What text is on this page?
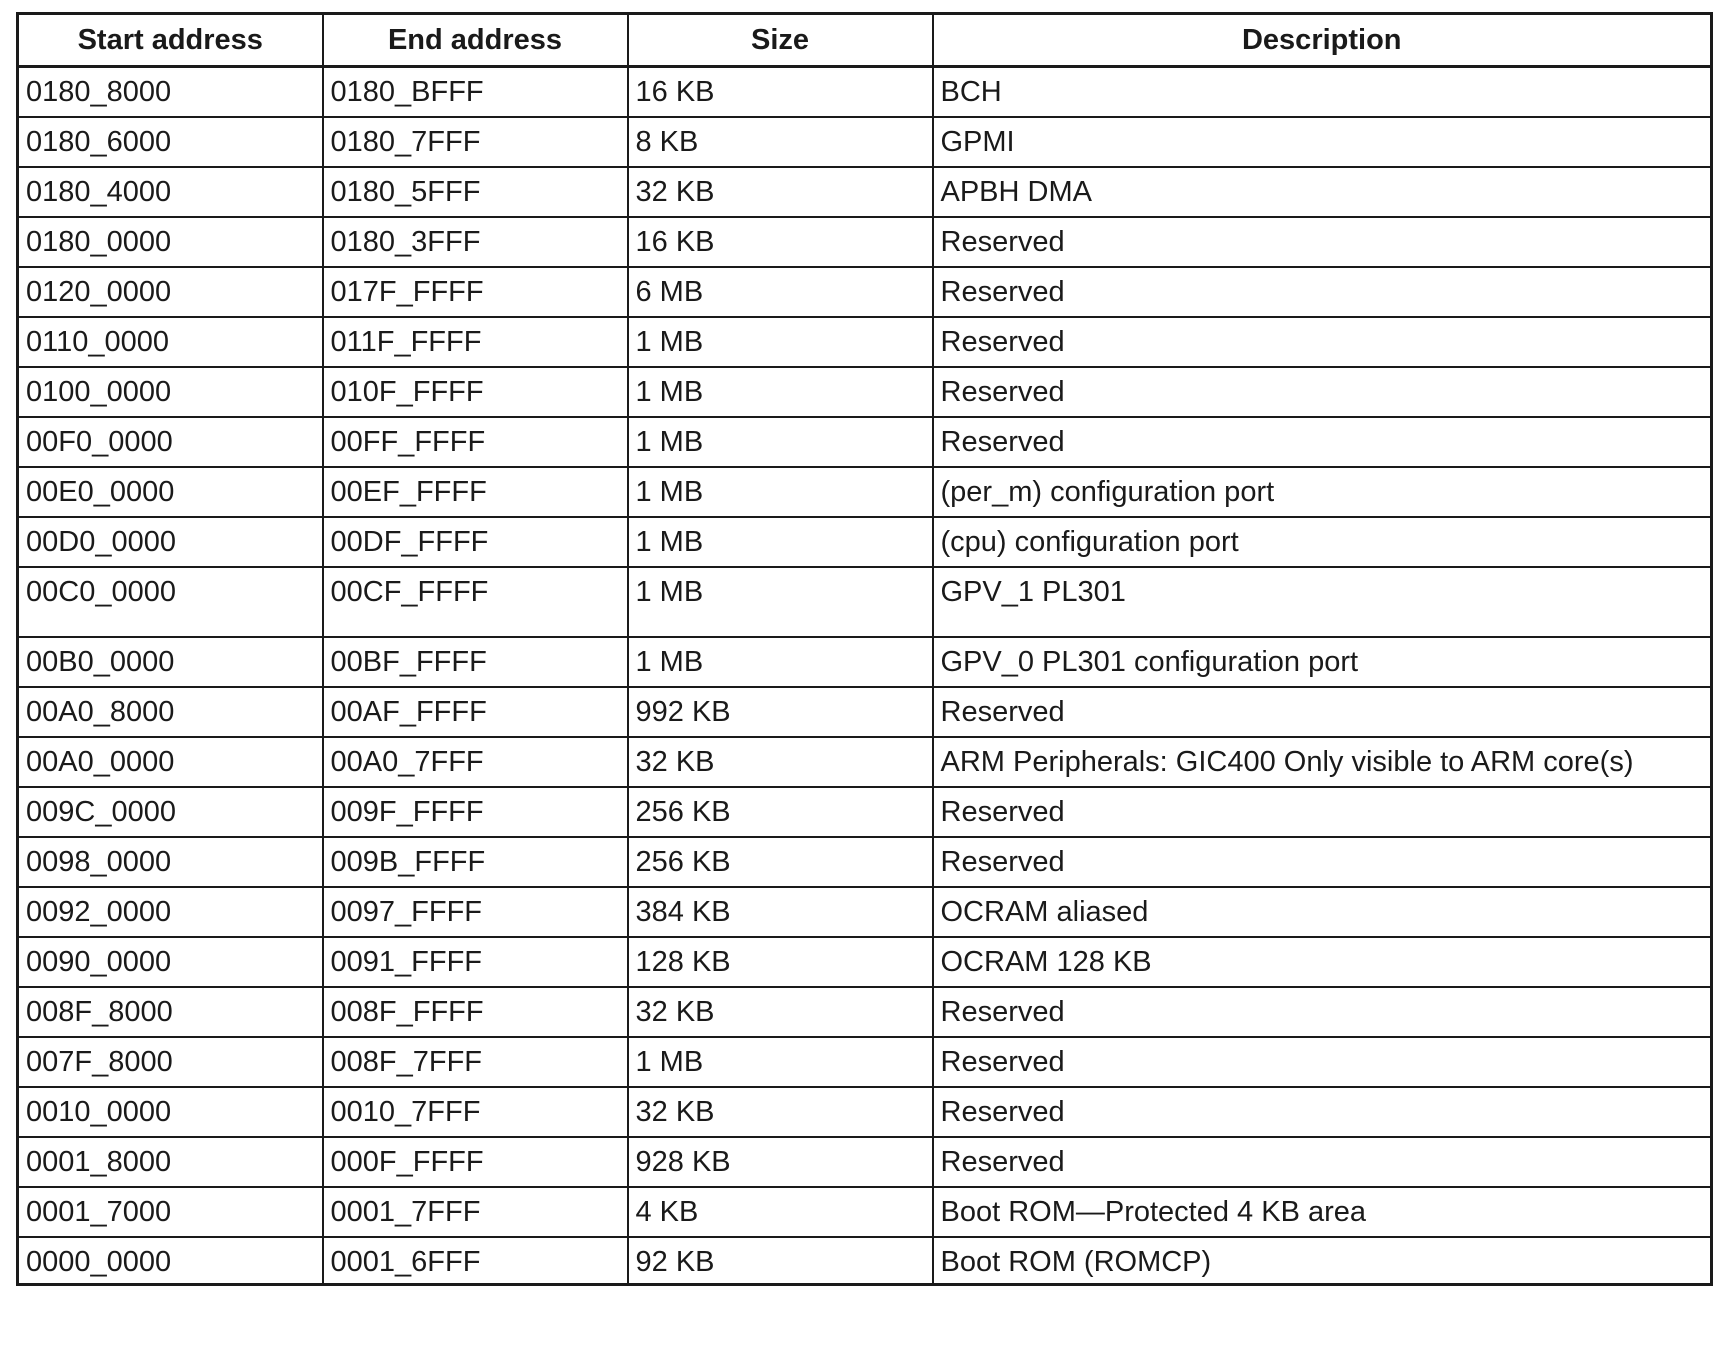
Start address	End address	Size	Description
0180_8000	0180_BFFF	16 KB	BCH
0180_6000	0180_7FFF	8 KB	GPMI
0180_4000	0180_5FFF	32 KB	APBH DMA
0180_0000	0180_3FFF	16 KB	Reserved
0120_0000	017F_FFFF	6 MB	Reserved
0110_0000	011F_FFFF	1 MB	Reserved
0100_0000	010F_FFFF	1 MB	Reserved
00F0_0000	00FF_FFFF	1 MB	Reserved
00E0_0000	00EF_FFFF	1 MB	(per_m) configuration port
00D0_0000	00DF_FFFF	1 MB	(cpu) configuration port
00C0_0000	00CF_FFFF	1 MB	GPV_1 PL301
00B0_0000	00BF_FFFF	1 MB	GPV_0 PL301 configuration port
00A0_8000	00AF_FFFF	992 KB	Reserved
00A0_0000	00A0_7FFF	32 KB	ARM Peripherals: GIC400 Only visible to ARM core(s)
009C_0000	009F_FFFF	256 KB	Reserved
0098_0000	009B_FFFF	256 KB	Reserved
0092_0000	0097_FFFF	384 KB	OCRAM aliased
0090_0000	0091_FFFF	128 KB	OCRAM 128 KB
008F_8000	008F_FFFF	32 KB	Reserved
007F_8000	008F_7FFF	1 MB	Reserved
0010_0000	0010_7FFF	32 KB	Reserved
0001_8000	000F_FFFF	928 KB	Reserved
0001_7000	0001_7FFF	4 KB	Boot ROM—Protected 4 KB area
0000_0000	0001_6FFF	92 KB	Boot ROM (ROMCP)
